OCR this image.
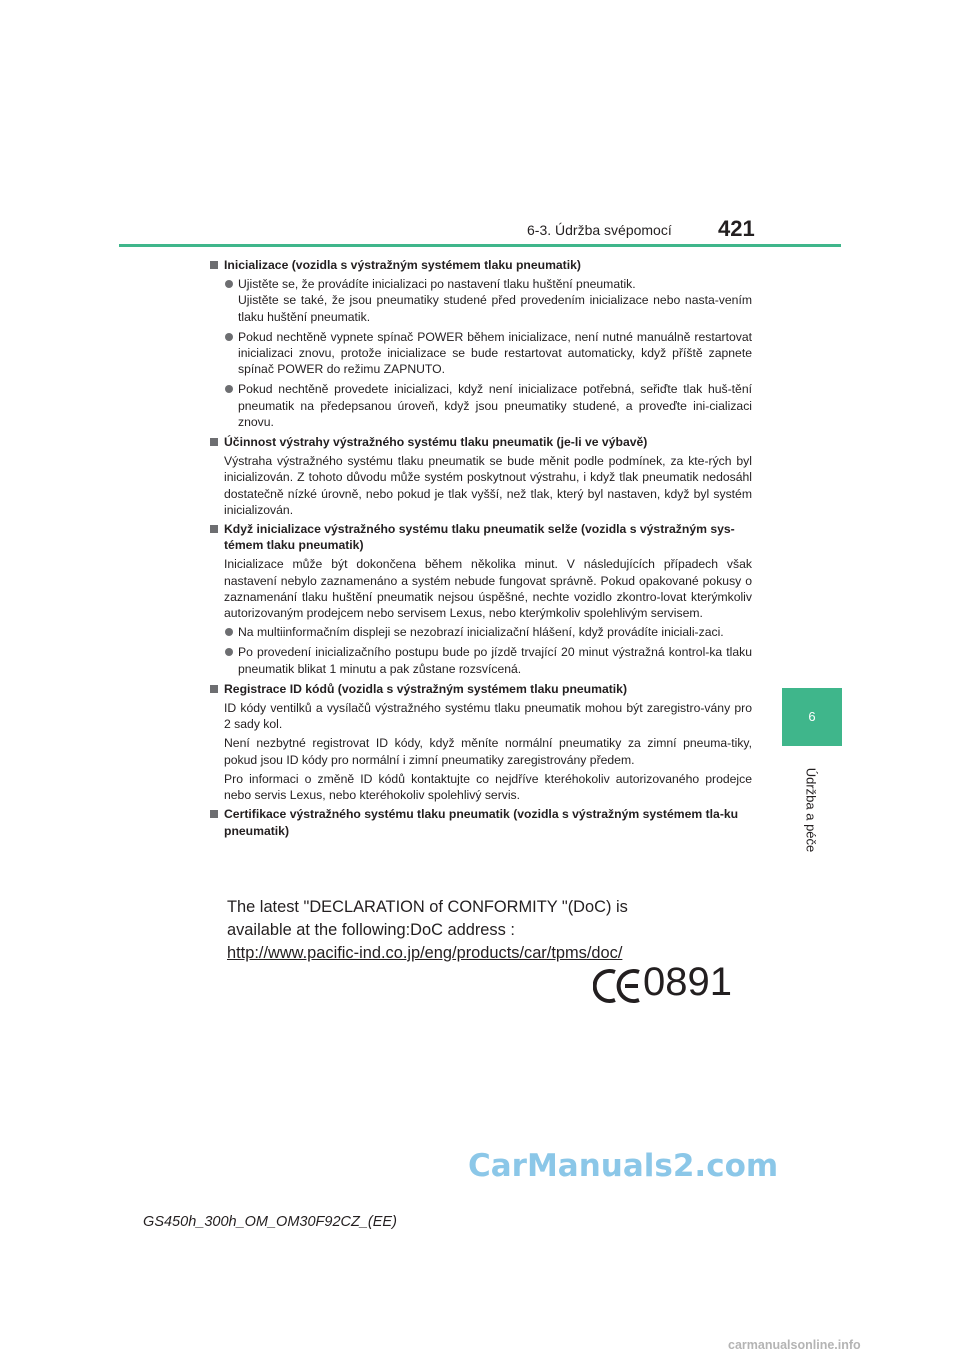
6-3. Údržba svépomocí 421
6
Údržba a péče
Inicializace (vozidla s výstražným systémem tlaku pneumatik)
Ujistěte se, že provádíte inicializaci po nastavení tlaku huštění pneumatik.
Ujistěte se také, že jsou pneumatiky studené před provedením inicializace nebo nasta-vením tlaku huštění pneumatik.
Pokud nechtěně vypnete spínač POWER během inicializace, není nutné manuálně restartovat inicializaci znovu, protože inicializace se bude restartovat automaticky, když příště zapnete spínač POWER do režimu ZAPNUTO.
Pokud nechtěně provedete inicializaci, když není inicializace potřebná, seřiďte tlak huš-tění pneumatik na předepsanou úroveň, když jsou pneumatiky studené, a proveďte ini-cializaci znovu.
Účinnost výstrahy výstražného systému tlaku pneumatik (je-li ve výbavě)
Výstraha výstražného systému tlaku pneumatik se bude měnit podle podmínek, za kte-rých byl inicializován. Z tohoto důvodu může systém poskytnout výstrahu, i když tlak pneumatik nedosáhl dostatečně nízké úrovně, nebo pokud je tlak vyšší, než tlak, který byl nastaven, když byl systém inicializován.
Když inicializace výstražného systému tlaku pneumatik selže (vozidla s výstražným sys-témem tlaku pneumatik)
Inicializace může být dokončena během několika minut. V následujících případech však nastavení nebylo zaznamenáno a systém nebude fungovat správně. Pokud opakované pokusy o zaznamenání tlaku huštění pneumatik nejsou úspěšné, nechte vozidlo zkontro-lovat kterýmkoliv autorizovaným prodejcem nebo servisem Lexus, nebo kterýmkoliv spolehlivým servisem.
Na multiinformačním displeji se nezobrazí inicializační hlášení, když provádíte iniciali-zaci.
Po provedení inicializačního postupu bude po jízdě trvající 20 minut výstražná kontrol-ka tlaku pneumatik blikat 1 minutu a pak zůstane rozsvícená.
Registrace ID kódů (vozidla s výstražným systémem tlaku pneumatik)
ID kódy ventilků a vysílačů výstražného systému tlaku pneumatik mohou být zaregistro-vány pro 2 sady kol.
Není nezbytné registrovat ID kódy, když měníte normální pneumatiky za zimní pneuma-tiky, pokud jsou ID kódy pro normální i zimní pneumatiky zaregistrovány předem.
Pro informaci o změně ID kódů kontaktujte co nejdříve kteréhokoliv autorizovaného prodejce nebo servis Lexus, nebo kteréhokoliv spolehlivý servis.
Certifikace výstražného systému tlaku pneumatik (vozidla s výstražným systémem tla-ku pneumatik)
The latest "DECLARATION of CONFORMITY "(DoC) is
available at the following:DoC address :
http://www.pacific-ind.co.jp/eng/products/car/tpms/doc/
0891
CarManuals2.com
GS450h_300h_OM_OM30F92CZ_(EE)
carmanualsonline.info
